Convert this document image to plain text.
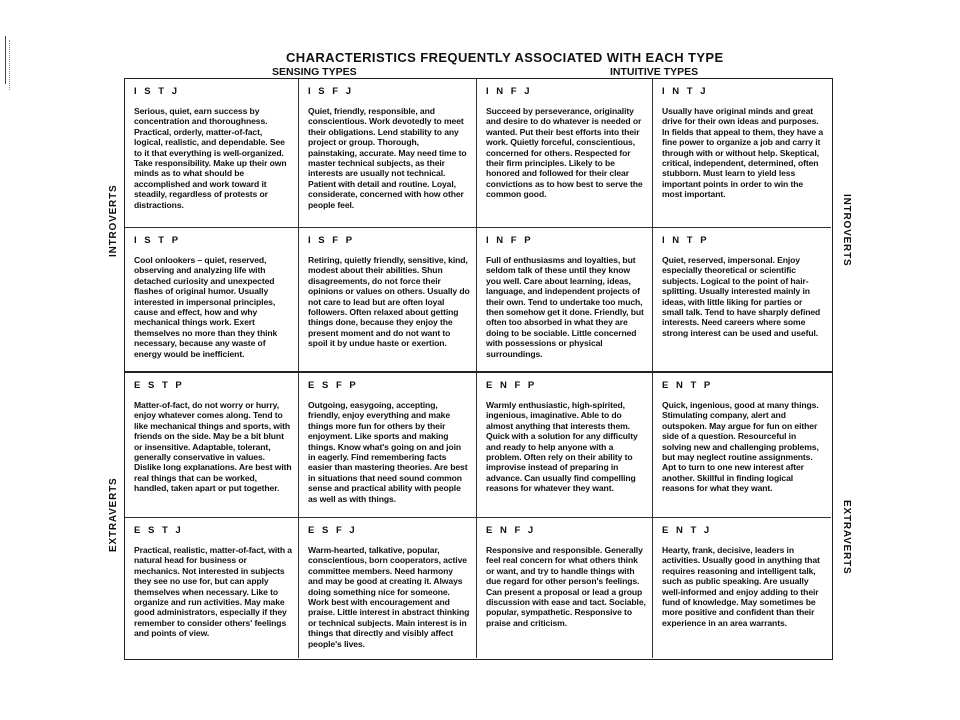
CHARACTERISTICS FREQUENTLY ASSOCIATED WITH EACH TYPE
SENSING TYPES	INTUITIVE TYPES
INTROVERTS
EXTRAVERTS
INTROVERTS
EXTRAVERTS
I S T J

Serious, quiet, earn success by concentration and thoroughness. Practical, orderly, matter-of-fact, logical, realistic, and dependable. See to it that everything is well-organized. Take responsibility. Make up their own minds as to what should be accomplished and work toward it steadily, regardless of protests or distractions.

I S F J

Quiet, friendly, responsible, and conscientious. Work devotedly to meet their obligations. Lend stability to any project or group. Thorough, painstaking, accurate. May need time to master technical subjects, as their interests are usually not technical. Patient with detail and routine. Loyal, considerate, concerned with how other people feel.

I N F J

Succeed by perseverance, originality and desire to do whatever is needed or wanted. Put their best efforts into their work. Quietly forceful, conscientious, concerned for others. Respected for their firm principles. Likely to be honored and followed for their clear convictions as to how best to serve the common good.

I N T J

Usually have original minds and great drive for their own ideas and purposes. In fields that appeal to them, they have a fine power to organize a job and carry it through with or without help. Skeptical, critical, independent, determined, often stubborn. Must learn to yield less important points in order to win the most important.

I S T P

Cool onlookers – quiet, reserved, observing and analyzing life with detached curiosity and unexpected flashes of original humor. Usually interested in impersonal principles, cause and effect, how and why mechanical things work. Exert themselves no more than they think necessary, because any waste of energy would be inefficient.

I S F P

Retiring, quietly friendly, sensitive, kind, modest about their abilities. Shun disagreements, do not force their opinions or values on others. Usually do not care to lead but are often loyal followers. Often relaxed about getting things done, because they enjoy the present moment and do not want to spoil it by undue haste or exertion.

I N F P

Full of enthusiasms and loyalties, but seldom talk of these until they know you well. Care about learning, ideas, language, and independent projects of their own. Tend to undertake too much, then somehow get it done. Friendly, but often too absorbed in what they are doing to be sociable. Little concerned with possessions or physical surroundings.

I N T P

Quiet, reserved, impersonal. Enjoy especially theoretical or scientific subjects. Logical to the point of hair-splitting. Usually interested mainly in ideas, with little liking for parties or small talk. Tend to have sharply defined interests. Need careers where some strong interest can be used and useful.

E S T P

Matter-of-fact, do not worry or hurry, enjoy whatever comes along. Tend to like mechanical things and sports, with friends on the side. May be a bit blunt or insensitive. Adaptable, tolerant, generally conservative in values. Dislike long explanations. Are best with real things that can be worked, handled, taken apart or put together.

E S F P

Outgoing, easygoing, accepting, friendly, enjoy everything and make things more fun for others by their enjoyment. Like sports and making things. Know what's going on and join in eagerly. Find remembering facts easier than mastering theories. Are best in situations that need sound common sense and practical ability with people as well as with things.

E N F P

Warmly enthusiastic, high-spirited, ingenious, imaginative. Able to do almost anything that interests them. Quick with a solution for any difficulty and ready to help anyone with a problem. Often rely on their ability to improvise instead of preparing in advance. Can usually find compelling reasons for whatever they want.

E N T P

Quick, ingenious, good at many things. Stimulating company, alert and outspoken. May argue for fun on either side of a question. Resourceful in solving new and challenging problems, but may neglect routine assignments. Apt to turn to one new interest after another. Skillful in finding logical reasons for what they want.

E S T J

Practical, realistic, matter-of-fact, with a natural head for business or mechanics. Not interested in subjects they see no use for, but can apply themselves when necessary. Like to organize and run activities. May make good administrators, especially if they remember to consider others' feelings and points of view.

E S F J

Warm-hearted, talkative, popular, conscientious, born cooperators, active committee members. Need harmony and may be good at creating it. Always doing something nice for someone. Work best with encouragement and praise. Little interest in abstract thinking or technical subjects. Main interest is in things that directly and visibly affect people's lives.

E N F J

Responsive and responsible. Generally feel real concern for what others think or want, and try to handle things with due regard for other person's feelings. Can present a proposal or lead a group discussion with ease and tact. Sociable, popular, sympathetic. Responsive to praise and criticism.

E N T J

Hearty, frank, decisive, leaders in activities. Usually good in anything that requires reasoning and intelligent talk, such as public speaking. Are usually well-informed and enjoy adding to their fund of knowledge. May sometimes be more positive and confident than their experience in an area warrants.
